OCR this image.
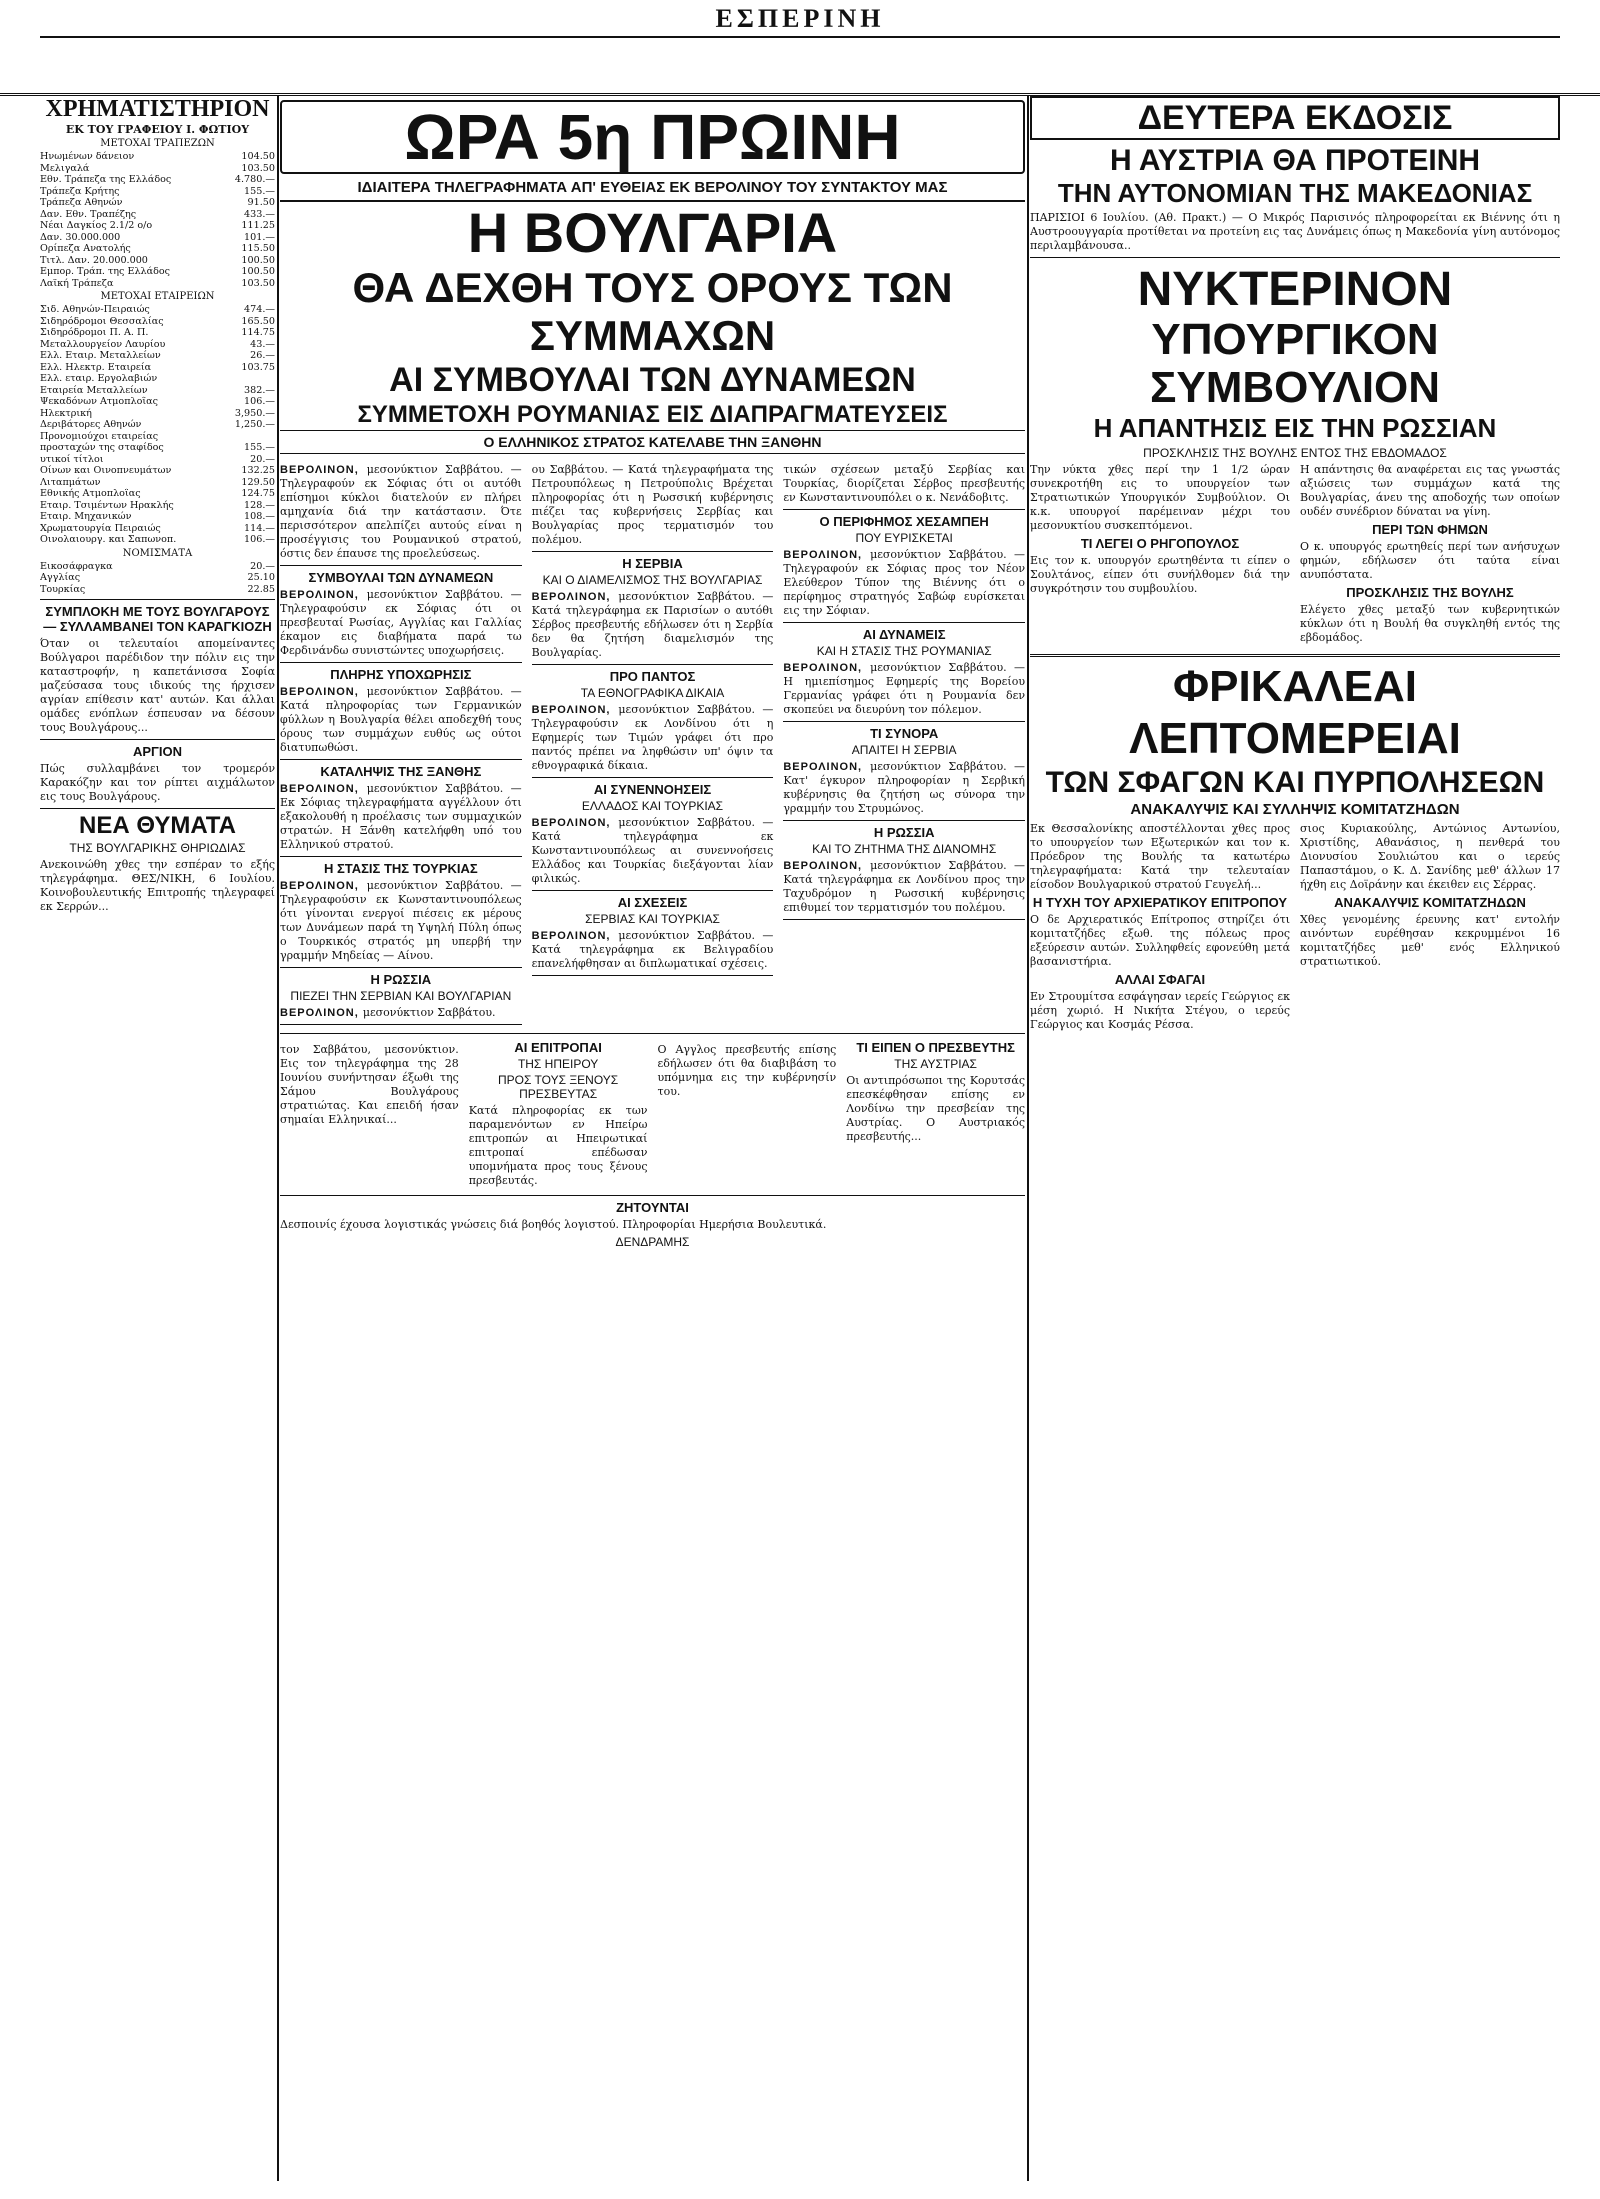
ΕΣΠΕΡΙΝΗ
ΧΡΗΜΑΤΙΣΤΗΡΙΟΝ
ΕΚ ΤΟΥ ΓΡΑΦΕΙΟΥ Ι. ΦΩΤΙΟΥ
ΜΕΤΟΧΑΙ ΤΡΑΠΕΖΩΝ
Ηνωμένων δάνειον	104.50
Μελιγαλά	103.50
Εθν. Τράπεζα της Ελλάδος	4.780.—
Τράπεζα Κρήτης	155.—
Τράπεζα Αθηνών	91.50
Δαν. Εθν. Τραπέζης	433.—
Νέαι Δαγκίος 2.1/2 ο/ο	111.25
Δαν. 30.000.000	101.—
Ορίπεζα Ανατολής	115.50
Τιτλ. Δαν. 20.000.000	100.50
Εμπορ. Τράπ. της Ελλάδος	100.50
Λαϊκή Τράπεζα	103.50
ΜΕΤΟΧΑΙ ΕΤΑΙΡΕΙΩΝ
Σιδ. Αθηνών-Πειραιώς	474.—
Σιδηρόδρομοι Θεσσαλίας	165.50
Σιδηρόδρομοι Π. Α. Π.	114.75
Μεταλλουργείον Λαυρίου	43.—
Ελλ. Εταιρ. Μεταλλείων	26.—
Ελλ. Ηλεκτρ. Εταιρεία	103.75
Ελλ. εταιρ. Εργολαβιών
Εταιρεία Μεταλλείων	382.—
Ψεκαδόνων Ατμοπλοΐας	106.—
Ηλεκτρική	3,950.—
Δεριβάτορες Αθηνών	1,250.—
Προνομιούχοι εταιρείας
προσταχών της σταφίδος	155.—
υτικοί τίτλοι	20.—
Οίνων και Οινοπνευμάτων	132.25
Λιταπμάτων	129.50
Εθνικής Ατμοπλοΐας	124.75
Εταιρ. Τσιμέντων Ηρακλής	128.—
Εταιρ. Μηχανικών	108.—
Χρωματουργία Πειραιώς	114.—
Οινολαιουργ. και Σαπωνοπ.	106.—
ΝΟΜΙΣΜΑΤΑ
Εικοσάφραγκα	20.—
Αγγλίας	25.10
Τουρκίας	22.85
ΣΥΜΠΛΟΚΗ ΜΕ ΤΟΥΣ ΒΟΥΛΓΑΡΟΥΣ — ΣΥΛΛΑΜΒΑΝΕΙ ΤΟΝ ΚΑΡΑΓΚΙΟΖΗ
Όταν οι τελευταίοι απομείναντες Βούλγαροι παρέδιδον την πόλιν εις την καταστροφήν, η καπετάνισσα Σοφία μαζεύσασα τους ιδικούς της ήρχισεν αγρίαν επίθεσιν κατ' αυτών. Και άλλαι ομάδες ενόπλων έσπευσαν να δέσουν τους Βουλγάρους...
ΑΡΓΙΟΝ
Πώς συλλαμβάνει τον τρομερόν Καρακόζην και τον ρίπτει αιχμάλωτον εις τους Βουλγάρους.
ΝΕΑ ΘΥΜΑΤΑ
ΤΗΣ ΒΟΥΛΓΑΡΙΚΗΣ ΘΗΡΙΩΔΙΑΣ
Ανεκοινώθη χθες την εσπέραν το εξής τηλεγράφημα. ΘΕΣ/ΝΙΚΗ, 6 Ιουλίου. Κοινοβουλευτικής Επιτροπής τηλεγραφεί εκ Σερρών...
ΩΡΑ 5η ΠΡΩΙΝΗ
ΙΔΙΑΙΤΕΡΑ ΤΗΛΕΓΡΑΦΗΜΑΤΑ ΑΠ' ΕΥΘΕΙΑΣ ΕΚ ΒΕΡΟΛΙΝΟΥ ΤΟΥ ΣΥΝΤΑΚΤΟΥ ΜΑΣ
Η ΒΟΥΛΓΑΡΙΑ
ΘΑ ΔΕΧΘΗ ΤΟΥΣ ΟΡΟΥΣ ΤΩΝ ΣΥΜΜΑΧΩΝ
ΑΙ ΣΥΜΒΟΥΛΑΙ ΤΩΝ ΔΥΝΑΜΕΩΝ
ΣΥΜΜΕΤΟΧΗ ΡΟΥΜΑΝΙΑΣ ΕΙΣ ΔΙΑΠΡΑΓΜΑΤΕΥΣΕΙΣ
Ο ΕΛΛΗΝΙΚΟΣ ΣΤΡΑΤΟΣ ΚΑΤΕΛΑΒΕ ΤΗΝ ΞΑΝΘΗΝ
ΒΕΡΟΛΙΝΟΝ, μεσονύκτιον Σαββάτου. — Τηλεγραφούν εκ Σόφιας ότι οι αυτόθι επίσημοι κύκλοι διατελούν εν πλήρει αμηχανία διά την κατάστασιν. Ότε περισσότερον απελπίζει αυτούς είναι η προσέγγισις του Ρουμανικού στρατού, όστις δεν έπαυσε της προελεύσεως.
ΣΥΜΒΟΥΛΑΙ ΤΩΝ ΔΥΝΑΜΕΩΝ
ΒΕΡΟΛΙΝΟΝ, μεσονύκτιον Σαββάτου. — Τηλεγραφούσιν εκ Σόφιας ότι οι πρεσβευταί Ρωσίας, Αγγλίας και Γαλλίας έκαμον εις διαβήματα παρά τω Φερδινάνδω συνιστώντες υποχωρήσεις.
ΠΛΗΡΗΣ ΥΠΟΧΩΡΗΣΙΣ
ΒΕΡΟΛΙΝΟΝ, μεσονύκτιον Σαββάτου. — Κατά πληροφορίας των Γερμανικών φύλλων η Βουλγαρία θέλει αποδεχθή τους όρους των συμμάχων ευθύς ως ούτοι διατυπωθώσι.
ΚΑΤΑΛΗΨΙΣ ΤΗΣ ΞΑΝΘΗΣ
ΒΕΡΟΛΙΝΟΝ, μεσονύκτιον Σαββάτου. — Εκ Σόφιας τηλεγραφήματα αγγέλλουν ότι εξακολουθή η προέλασις των συμμαχικών στρατών. Η Ξάνθη κατελήφθη υπό του Ελληνικού στρατού.
Η ΣΤΑΣΙΣ ΤΗΣ ΤΟΥΡΚΙΑΣ
ΒΕΡΟΛΙΝΟΝ, μεσονύκτιον Σαββάτου. — Τηλεγραφούσιν εκ Κωνσταντινουπόλεως ότι γίνονται ενεργοί πιέσεις εκ μέρους των Δυνάμεων παρά τη Υψηλή Πύλη όπως ο Τουρκικός στρατός μη υπερβή την γραμμήν Μηδείας — Αίνου.
Η ΡΩΣΣΙΑ
ΠΙΕΖΕΙ ΤΗΝ ΣΕΡΒΙΑΝ ΚΑΙ ΒΟΥΛΓΑΡΙΑΝ
ΒΕΡΟΛΙΝΟΝ, μεσονύκτιον Σαββάτου.
ου Σαββάτου. — Κατά τηλεγραφήματα της Πετρουπόλεως η Πετρούπολις Βρέχεται πληροφορίας ότι η Ρωσσική κυβέρνησις πιέζει τας κυβερνήσεις Σερβίας και Βουλγαρίας προς τερματισμόν του πολέμου.
Η ΣΕΡΒΙΑ
ΚΑΙ Ο ΔΙΑΜΕΛΙΣΜΟΣ ΤΗΣ ΒΟΥΛΓΑΡΙΑΣ
ΒΕΡΟΛΙΝΟΝ, μεσονύκτιον Σαββάτου. — Κατά τηλεγράφημα εκ Παρισίων ο αυτόθι Σέρβος πρεσβευτής εδήλωσεν ότι η Σερβία δεν θα ζητήση διαμελισμόν της Βουλγαρίας.
ΠΡΟ ΠΑΝΤΟΣ
ΤΑ ΕΘΝΟΓΡΑΦΙΚΑ ΔΙΚΑΙΑ
ΒΕΡΟΛΙΝΟΝ, μεσονύκτιον Σαββάτου. — Τηλεγραφούσιν εκ Λονδίνου ότι η Εφημερίς των Τιμών γράφει ότι προ παντός πρέπει να ληφθώσιν υπ' όψιν τα εθνογραφικά δίκαια.
ΑΙ ΣΥΝΕΝΝΟΗΣΕΙΣ
ΕΛΛΑΔΟΣ ΚΑΙ ΤΟΥΡΚΙΑΣ
ΒΕΡΟΛΙΝΟΝ, μεσονύκτιον Σαββάτου. — Κατά τηλεγράφημα εκ Κωνσταντινουπόλεως αι συνεννοήσεις Ελλάδος και Τουρκίας διεξάγονται λίαν φιλικώς.
ΑΙ ΣΧΕΣΕΙΣ
ΣΕΡΒΙΑΣ ΚΑΙ ΤΟΥΡΚΙΑΣ
ΒΕΡΟΛΙΝΟΝ, μεσονύκτιον Σαββάτου. — Κατά τηλεγράφημα εκ Βελιγραδίου επανελήφθησαν αι διπλωματικαί σχέσεις.
τικών σχέσεων μεταξύ Σερβίας και Τουρκίας, διορίζεται Σέρβος πρεσβευτής εν Κωνσταντινουπόλει ο κ. Νενάδοβιτς.
Ο ΠΕΡΙΦΗΜΟΣ ΧΕΣΑΜΠΕΗ
ΠΟΥ ΕΥΡΙΣΚΕΤΑΙ
ΒΕΡΟΛΙΝΟΝ, μεσονύκτιον Σαββάτου. — Τηλεγραφούν εκ Σόφιας προς τον Νέον Ελεύθερον Τύπον της Βιέννης ότι ο περίφημος στρατηγός Σαβώφ ευρίσκεται εις την Σόφιαν.
ΑΙ ΔΥΝΑΜΕΙΣ
ΚΑΙ Η ΣΤΑΣΙΣ ΤΗΣ ΡΟΥΜΑΝΙΑΣ
ΒΕΡΟΛΙΝΟΝ, μεσονύκτιον Σαββάτου. — Η ημιεπίσημος Εφημερίς της Βορείου Γερμανίας γράφει ότι η Ρουμανία δεν σκοπεύει να διευρύνη τον πόλεμον.
ΤΙ ΣΥΝΟΡΑ
ΑΠΑΙΤΕΙ Η ΣΕΡΒΙΑ
ΒΕΡΟΛΙΝΟΝ, μεσονύκτιον Σαββάτου. — Κατ' έγκυρον πληροφορίαν η Σερβική κυβέρνησις θα ζητήση ως σύνορα την γραμμήν του Στρυμώνος.
Η ΡΩΣΣΙΑ
ΚΑΙ ΤΟ ΖΗΤΗΜΑ ΤΗΣ ΔΙΑΝΟΜΗΣ
ΒΕΡΟΛΙΝΟΝ, μεσονύκτιον Σαββάτου. — Κατά τηλεγράφημα εκ Λονδίνου προς την Ταχυδρόμον η Ρωσσική κυβέρνησις επιθυμεί τον τερματισμόν του πολέμου.
τον Σαββάτου, μεσονύκτιον. Εις τον τηλεγράφημα της 28 Ιουνίου συνήντησαν έξωθι της Σάμου Βουλγάρους στρατιώτας. Και επειδή ήσαν σημαίαι Ελληνικαί...
ΑΙ ΕΠΙΤΡΟΠΑΙ
ΤΗΣ ΗΠΕΙΡΟΥ
ΠΡΟΣ ΤΟΥΣ ΞΕΝΟΥΣ ΠΡΕΣΒΕΥΤΑΣ
Κατά πληροφορίας εκ των παραμενόντων εν Ηπείρω επιτροπών αι Ηπειρωτικαί επιτροπαί επέδωσαν υπομνήματα προς τους ξένους πρεσβευτάς.
Ο Αγγλος πρεσβευτής επίσης εδήλωσεν ότι θα διαβιβάση το υπόμνημα εις την κυβέρνησίν του.
ΤΙ ΕΙΠΕΝ Ο ΠΡΕΣΒΕΥΤΗΣ
ΤΗΣ ΑΥΣΤΡΙΑΣ
Οι αντιπρόσωποι της Κορυτσάς επεσκέφθησαν επίσης εν Λονδίνω την πρεσβείαν της Αυστρίας. Ο Αυστριακός πρεσβευτής...
ΖΗΤΟΥΝΤΑΙ
Δεσποινίς έχουσα λογιστικάς γνώσεις διά βοηθός λογιστού. Πληροφορίαι Ημερήσια Βουλευτικά.
ΔΕΝΔΡΑΜΗΣ
ΔΕΥΤΕΡΑ ΕΚΔΟΣΙΣ
Η ΑΥΣΤΡΙΑ ΘΑ ΠΡΟΤΕΙΝΗ
ΤΗΝ ΑΥΤΟΝΟΜΙΑΝ ΤΗΣ ΜΑΚΕΔΟΝΙΑΣ
ΠΑΡΙΣΙΟΙ 6 Ιουλίου. (Αθ. Πρακτ.) — Ο Μικρός Παρισινός πληροφορείται εκ Βιέννης ότι η Αυστροουγγαρία προτίθεται να προτείνη εις τας Δυνάμεις όπως η Μακεδονία γίνη αυτόνομος περιλαμβάνουσα..
ΝΥΚΤΕΡΙΝΟΝ
ΥΠΟΥΡΓΙΚΟΝ ΣΥΜΒΟΥΛΙΟΝ
Η ΑΠΑΝΤΗΣΙΣ ΕΙΣ ΤΗΝ ΡΩΣΣΙΑΝ
ΠΡΟΣΚΛΗΣΙΣ ΤΗΣ ΒΟΥΛΗΣ ΕΝΤΟΣ ΤΗΣ ΕΒΔΟΜΑΔΟΣ
Την νύκτα χθες περί την 1 1/2 ώραν συνεκροτήθη εις το υπουργείον των Στρατιωτικών Υπουργικόν Συμβούλιον. Οι κ.κ. υπουργοί παρέμειναν μέχρι του μεσονυκτίου συσκεπτόμενοι.
ΤΙ ΛΕΓΕΙ Ο ΡΗΓΟΠΟΥΛΟΣ
Εις τον κ. υπουργόν ερωτηθέντα τι είπεν ο Σουλτάνος, είπεν ότι συνήλθομεν διά την συγκρότησιν του συμβουλίου.
Η απάντησις θα αναφέρεται εις τας γνωστάς αξιώσεις των συμμάχων κατά της Βουλγαρίας, άνευ της αποδοχής των οποίων ουδέν συνέδριον δύναται να γίνη.
ΠΕΡΙ ΤΩΝ ΦΗΜΩΝ
Ο κ. υπουργός ερωτηθείς περί των ανήσυχων φημών, εδήλωσεν ότι ταύτα είναι ανυπόστατα.
ΠΡΟΣΚΛΗΣΙΣ ΤΗΣ ΒΟΥΛΗΣ
Ελέγετο χθες μεταξύ των κυβερνητικών κύκλων ότι η Βουλή θα συγκληθή εντός της εβδομάδος.
ΦΡΙΚΑΛΕΑΙ ΛΕΠΤΟΜΕΡΕΙΑΙ
ΤΩΝ ΣΦΑΓΩΝ ΚΑΙ ΠΥΡΠΟΛΗΣΕΩΝ
ΑΝΑΚΑΛΥΨΙΣ ΚΑΙ ΣΥΛΛΗΨΙΣ ΚΟΜΙΤΑΤΖΗΔΩΝ
Εκ Θεσσαλονίκης αποστέλλονται χθες προς το υπουργείον των Εξωτερικών και τον κ. Πρόεδρον της Βουλής τα κατωτέρω τηλεγραφήματα: Κατά την τελευταίαν είσοδον Βουλγαρικού στρατού Γευγελή...
Η ΤΥΧΗ ΤΟΥ ΑΡΧΙΕΡΑΤΙΚΟΥ ΕΠΙΤΡΟΠΟΥ
Ο δε Αρχιερατικός Επίτροπος στηρίζει ότι κομιτατζήδες εξωθ. της πόλεως προς εξεύρεσιν αυτών. Συλληφθείς εφονεύθη μετά βασανιστήρια.
ΑΛΛΑΙ ΣΦΑΓΑΙ
Εν Στρουμίτσα εσφάγησαν ιερείς Γεώργιος εκ μέση χωριό. Η Νικήτα Στέγου, ο ιερεύς Γεώργιος και Κοσμάς Ρέσσα.
σιος Κυριακούλης, Αντώνιος Αντωνίου, Χριστίδης, Αθανάσιος, η πενθερά του Διονυσίου Σουλιώτου και ο ιερεύς Παπαστάμου, ο Κ. Δ. Σανίδης μεθ' άλλων 17 ήχθη εις Δοϊράνην και έκειθεν εις Σέρρας.
ΑΝΑΚΑΛΥΨΙΣ ΚΟΜΙΤΑΤΖΗΔΩΝ
Χθες γενομένης έρευνης κατ' εντολήν αινόντων ευρέθησαν κεκρυμμένοι 16 κομιτατζήδες μεθ' ενός Ελληνικού στρατιωτικού.
